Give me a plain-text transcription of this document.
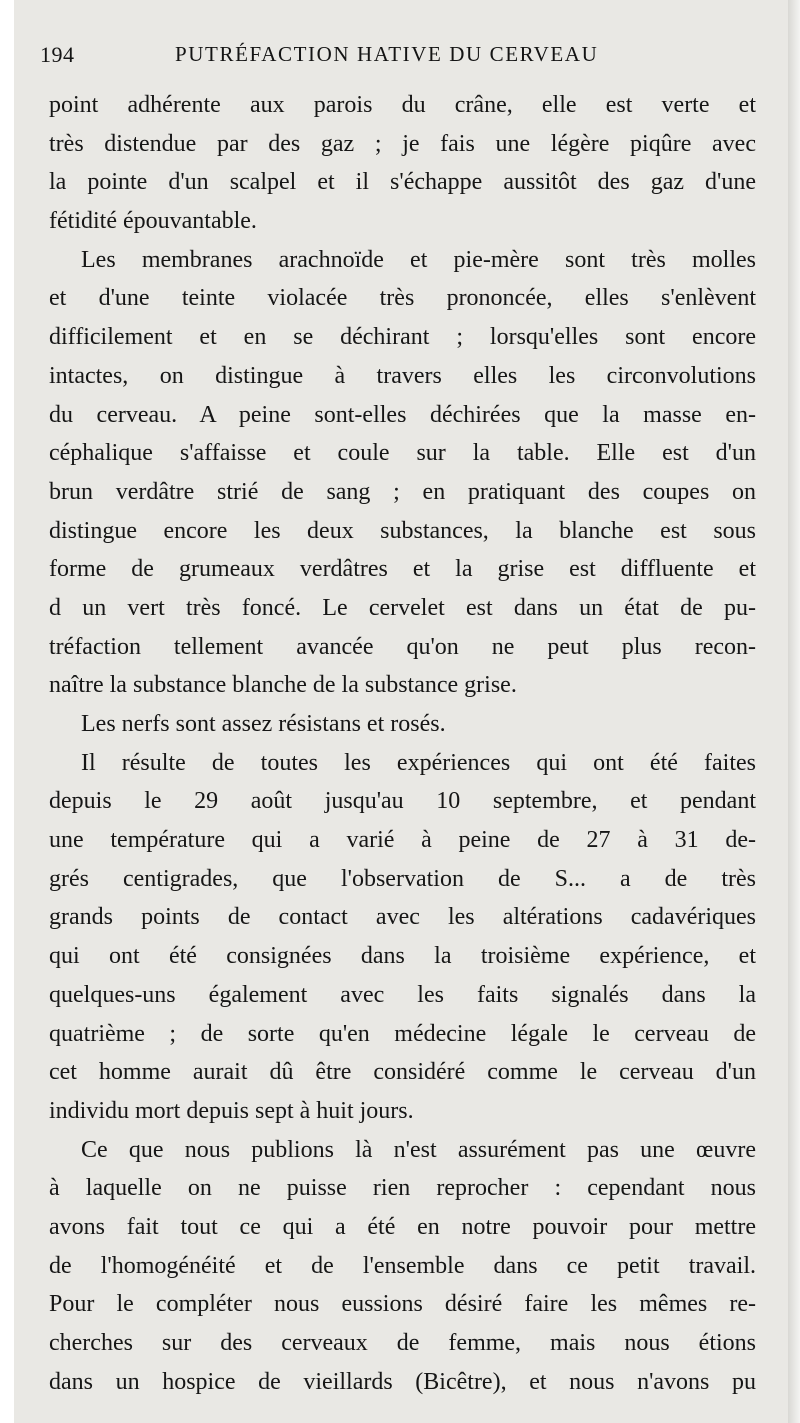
194	PUTRÉFACTION HATIVE DU CERVEAU
point adhérente aux parois du crâne, elle est verte et
très distendue par des gaz ; je fais une légère piqûre avec
la pointe d'un scalpel et il s'échappe aussitôt des gaz d'une
fétidité épouvantable.
Les membranes arachnoïde et pie-mère sont très molles
et d'une teinte violacée très prononcée, elles s'enlèvent
difficilement et en se déchirant ; lorsqu'elles sont encore
intactes, on distingue à travers elles les circonvolutions
du cerveau. A peine sont-elles déchirées que la masse en-
céphalique s'affaisse et coule sur la table. Elle est d'un
brun verdâtre strié de sang ; en pratiquant des coupes on
distingue encore les deux substances, la blanche est sous
forme de grumeaux verdâtres et la grise est diffluente et
d un vert très foncé. Le cervelet est dans un état de pu-
tréfaction tellement avancée qu'on ne peut plus recon-
naître la substance blanche de la substance grise.
Les nerfs sont assez résistans et rosés.
Il résulte de toutes les expériences qui ont été faites
depuis le 29 août jusqu'au 10 septembre, et pendant
une température qui a varié à peine de 27 à 31 de-
grés centigrades, que l'observation de S... a de très
grands points de contact avec les altérations cadavériques
qui ont été consignées dans la troisième expérience, et
quelques-uns également avec les faits signalés dans la
quatrième ; de sorte qu'en médecine légale le cerveau de
cet homme aurait dû être considéré comme le cerveau d'un
individu mort depuis sept à huit jours.
Ce que nous publions là n'est assurément pas une œuvre
à laquelle on ne puisse rien reprocher : cependant nous
avons fait tout ce qui a été en notre pouvoir pour mettre
de l'homogénéité et de l'ensemble dans ce petit travail.
Pour le compléter nous eussions désiré faire les mêmes re-
cherches sur des cerveaux de femme, mais nous étions
dans un hospice de vieillards (Bicêtre), et nous n'avons pu
